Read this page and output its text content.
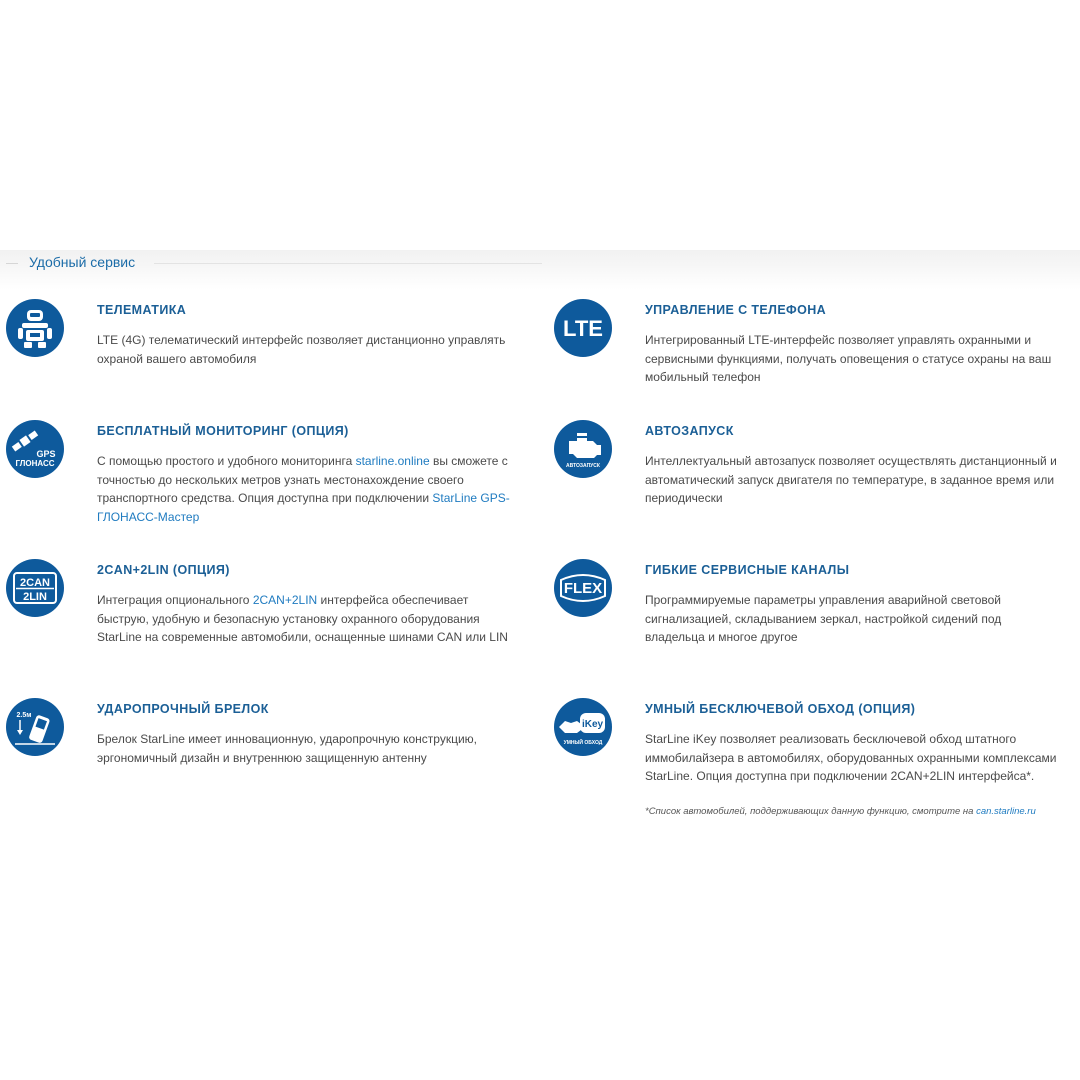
Удобный сервис
ТЕЛЕМАТИКА
LTE (4G) телематический интерфейс позволяет дистанционно управлять охраной вашего автомобиля
LTE
УПРАВЛЕНИЕ С ТЕЛЕФОНА
Интегрированный LTE-интерфейс позволяет управлять охранными и сервисными функциями, получать оповещения о статусе охраны на ваш мобильный телефон
GPS
ГЛОНАСС
БЕСПЛАТНЫЙ МОНИТОРИНГ (ОПЦИЯ)
С помощью простого и удобного мониторинга starline.online вы сможете с точностью до нескольких метров узнать местонахождение своего транспортного средства. Опция доступна при подключении StarLine GPS-ГЛОНАСС-Мастер
АВТОЗАПУСК
АВТОЗАПУСК
Интеллектуальный автозапуск позволяет осуществлять дистанционный и автоматический запуск двигателя по температуре, в заданное время или периодически
2CAN
2LIN
2CAN+2LIN (ОПЦИЯ)
Интеграция опционального 2CAN+2LIN интерфейса обеспечивает быструю, удобную и безопасную установку охранного оборудования StarLine на современные автомобили, оснащенные шинами CAN или LIN
FLEX
ГИБКИЕ СЕРВИСНЫЕ КАНАЛЫ
Программируемые параметры управления аварийной световой сигнализацией, складыванием зеркал, настройкой сидений под владельца и многое другое
2.5м	УДАРОПРОЧНЫЙ БРЕЛОК
Брелок StarLine имеет инновационную, ударопрочную конструкцию, эргономичный дизайн и внутреннюю защищенную антенну
iKey
УМНЫЙ ОБХОД
УМНЫЙ БЕСКЛЮЧЕВОЙ ОБХОД (ОПЦИЯ)
StarLine iKey позволяет реализовать бесключевой обход штатного иммобилайзера в автомобилях, оборудованных охранными комплексами StarLine. Опция доступна при подключении 2CAN+2LIN интерфейса*.
*Список автомобилей, поддерживающих данную функцию, смотрите на can.starline.ru
